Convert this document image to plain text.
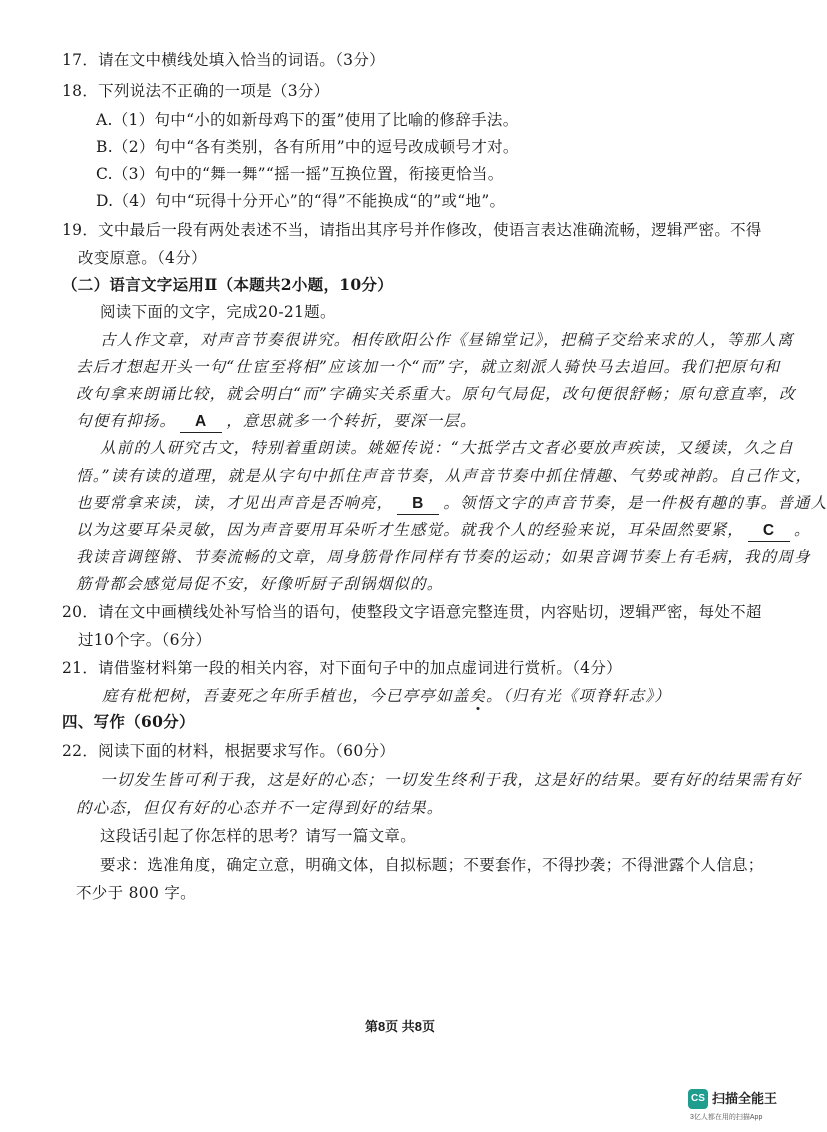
17．请在文中横线处填入恰当的词语。（3分）
18．下列说法不正确的一项是（3分）
A.（1）句中“小的如新母鸡下的蛋”使用了比喻的修辞手法。
B.（2）句中“各有类别，各有所用”中的逗号改成顿号才对。
C.（3）句中的“舞一舞”“摇一摇”互换位置，衔接更恰当。
D.（4）句中“玩得十分开心”的“得”不能换成“的”或“地”。
19．文中最后一段有两处表述不当，请指出其序号并作修改，使语言表达准确流畅，逻辑严密。不得
改变原意。（4分）
（二）语言文字运用Ⅱ（本题共2小题，10分）
阅读下面的文字，完成20-21题。
古人作文章，对声音节奏很讲究。相传欧阳公作《昼锦堂记》，把稿子交给来求的人，等那人离
去后才想起开头一句“仕宦至将相”应该加一个“而”字，就立刻派人骑快马去追回。我们把原句和
改句拿来朗诵比较，就会明白“而”字确实关系重大。原句气局促，改句便很舒畅；原句意直率，改
句便有抑扬。 A ，意思就多一个转折，要深一层。
从前的人研究古文，特别着重朗读。姚姬传说：“大抵学古文者必要放声疾读，又缓读，久之自
悟。”读有读的道理，就是从字句中抓住声音节奏，从声音节奏中抓住情趣、气势或神韵。自己作文，
也要常拿来读，读，才见出声音是否响亮， B 。领悟文字的声音节奏，是一件极有趣的事。普通人
以为这要耳朵灵敏，因为声音要用耳朵听才生感觉。就我个人的经验来说，耳朵固然要紧， C 。
我读音调铿锵、节奏流畅的文章，周身筋骨作同样有节奏的运动；如果音调节奏上有毛病，我的周身
筋骨都会感觉局促不安，好像听厨子刮锅烟似的。
20．请在文中画横线处补写恰当的语句，使整段文字语意完整连贯，内容贴切，逻辑严密，每处不超
过10个字。（6分）
21．请借鉴材料第一段的相关内容，对下面句子中的加点虚词进行赏析。（4分）
庭有枇杷树，吾妻死之年所手植也，今已亭亭如盖矣。（归有光《项脊轩志》）
四、写作（60分）
22．阅读下面的材料，根据要求写作。（60分）
一切发生皆可利于我，这是好的心态；一切发生终利于我，这是好的结果。要有好的结果需有好
的心态，但仅有好的心态并不一定得到好的结果。
这段话引起了你怎样的思考？请写一篇文章。
要求：选准角度，确定立意，明确文体，自拟标题；不要套作，不得抄袭；不得泄露个人信息；
不少于 800 字。
第8页 共8页
CS 扫描全能王
3亿人都在用的扫描App
